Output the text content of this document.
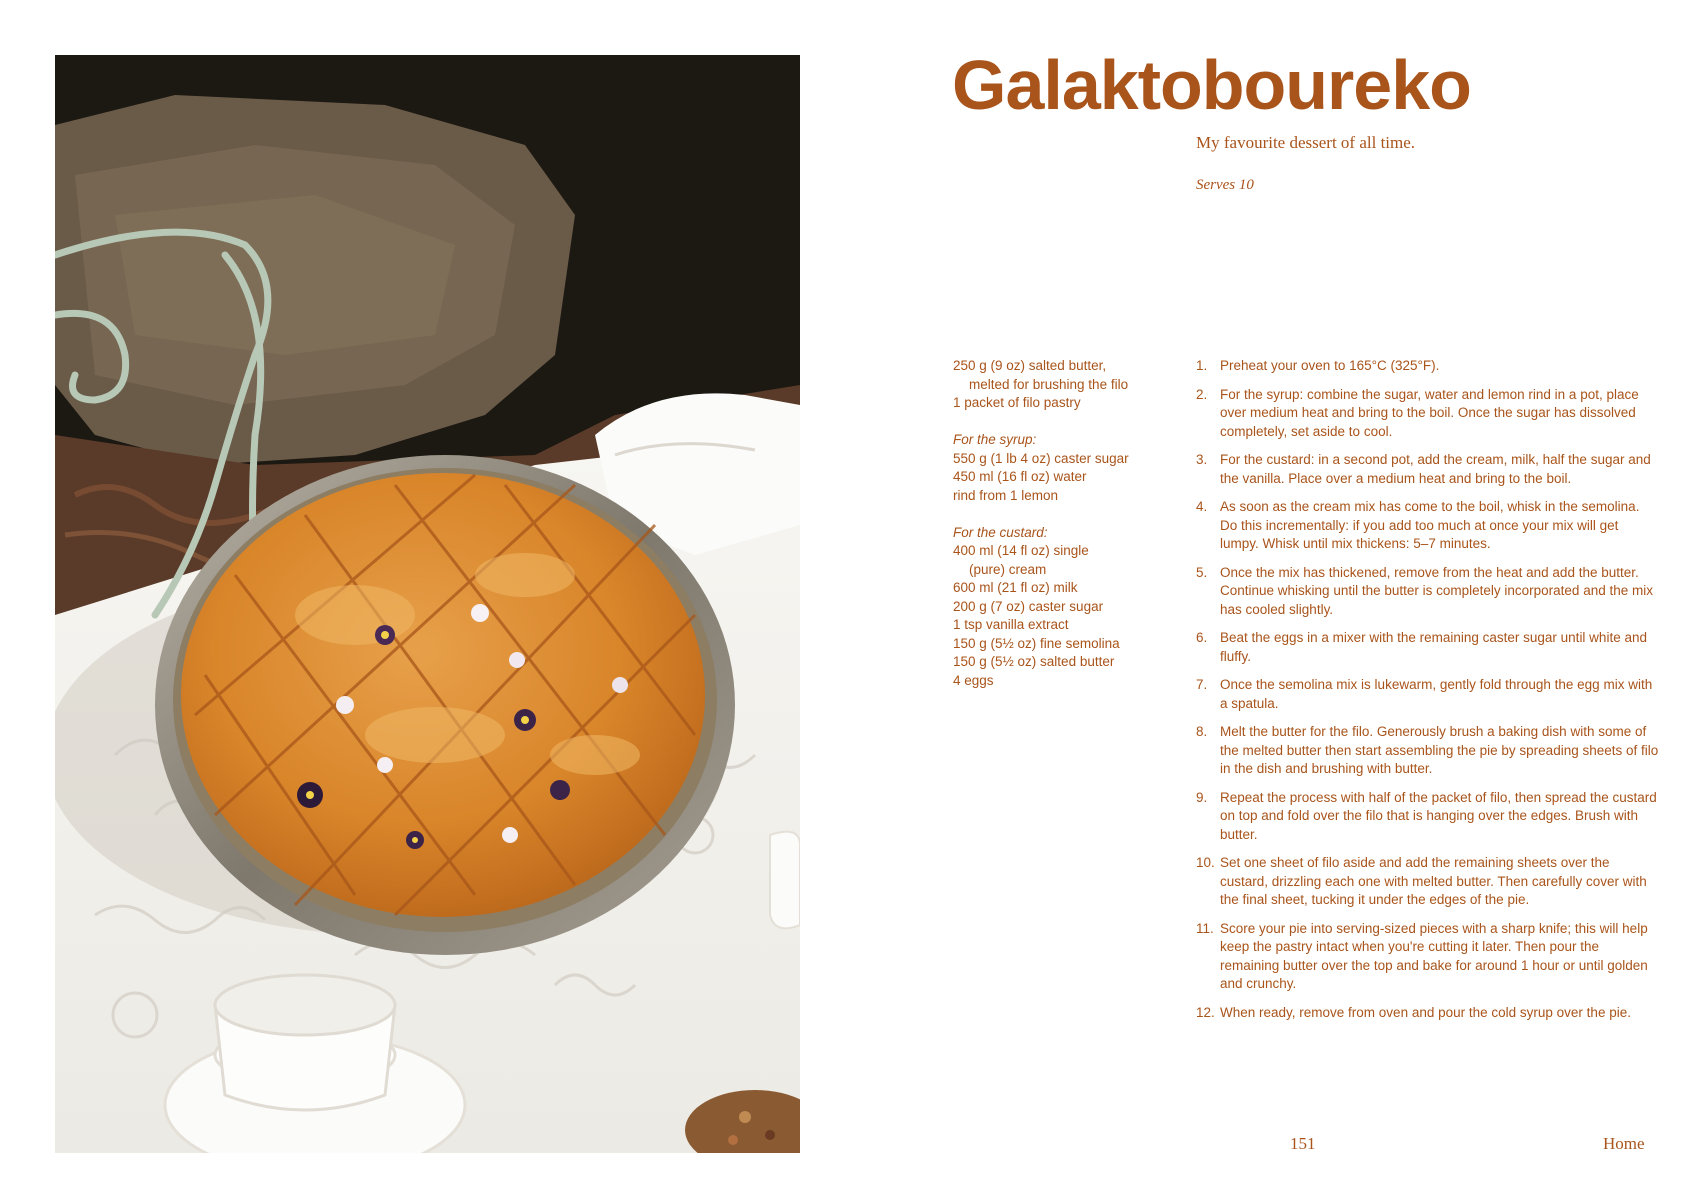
Galaktoboureko
My favourite dessert of all time.
Serves 10
250 g (9 oz) salted butter,
melted for brushing the filo
1 packet of filo pastry
For the syrup:
550 g (1 lb 4 oz) caster sugar
450 ml (16 fl oz) water
rind from 1 lemon
For the custard:
400 ml (14 fl oz) single
(pure) cream
600 ml (21 fl oz) milk
200 g (7 oz) caster sugar
1 tsp vanilla extract
150 g (5½ oz) fine semolina
150 g (5½ oz) salted butter
4 eggs
1. Preheat your oven to 165°C (325°F).
2. For the syrup: combine the sugar, water and lemon rind in a pot, place over medium heat and bring to the boil. Once the sugar has dissolved completely, set aside to cool.
3. For the custard: in a second pot, add the cream, milk, half the sugar and the vanilla. Place over a medium heat and bring to the boil.
4. As soon as the cream mix has come to the boil, whisk in the semolina. Do this incrementally: if you add too much at once your mix will get lumpy. Whisk until mix thickens: 5–7 minutes.
5. Once the mix has thickened, remove from the heat and add the butter. Continue whisking until the butter is completely incorporated and the mix has cooled slightly.
6. Beat the eggs in a mixer with the remaining caster sugar until white and fluffy.
7. Once the semolina mix is lukewarm, gently fold through the egg mix with a spatula.
8. Melt the butter for the filo. Generously brush a baking dish with some of the melted butter then start assembling the pie by spreading sheets of filo in the dish and brushing with butter.
9. Repeat the process with half of the packet of filo, then spread the custard on top and fold over the filo that is hanging over the edges. Brush with butter.
10. Set one sheet of filo aside and add the remaining sheets over the custard, drizzling each one with melted butter. Then carefully cover with the final sheet, tucking it under the edges of the pie.
11. Score your pie into serving-sized pieces with a sharp knife; this will help keep the pastry intact when you're cutting it later. Then pour the remaining butter over the top and bake for around 1 hour or until golden and crunchy.
12. When ready, remove from oven and pour the cold syrup over the pie.
151	Home
